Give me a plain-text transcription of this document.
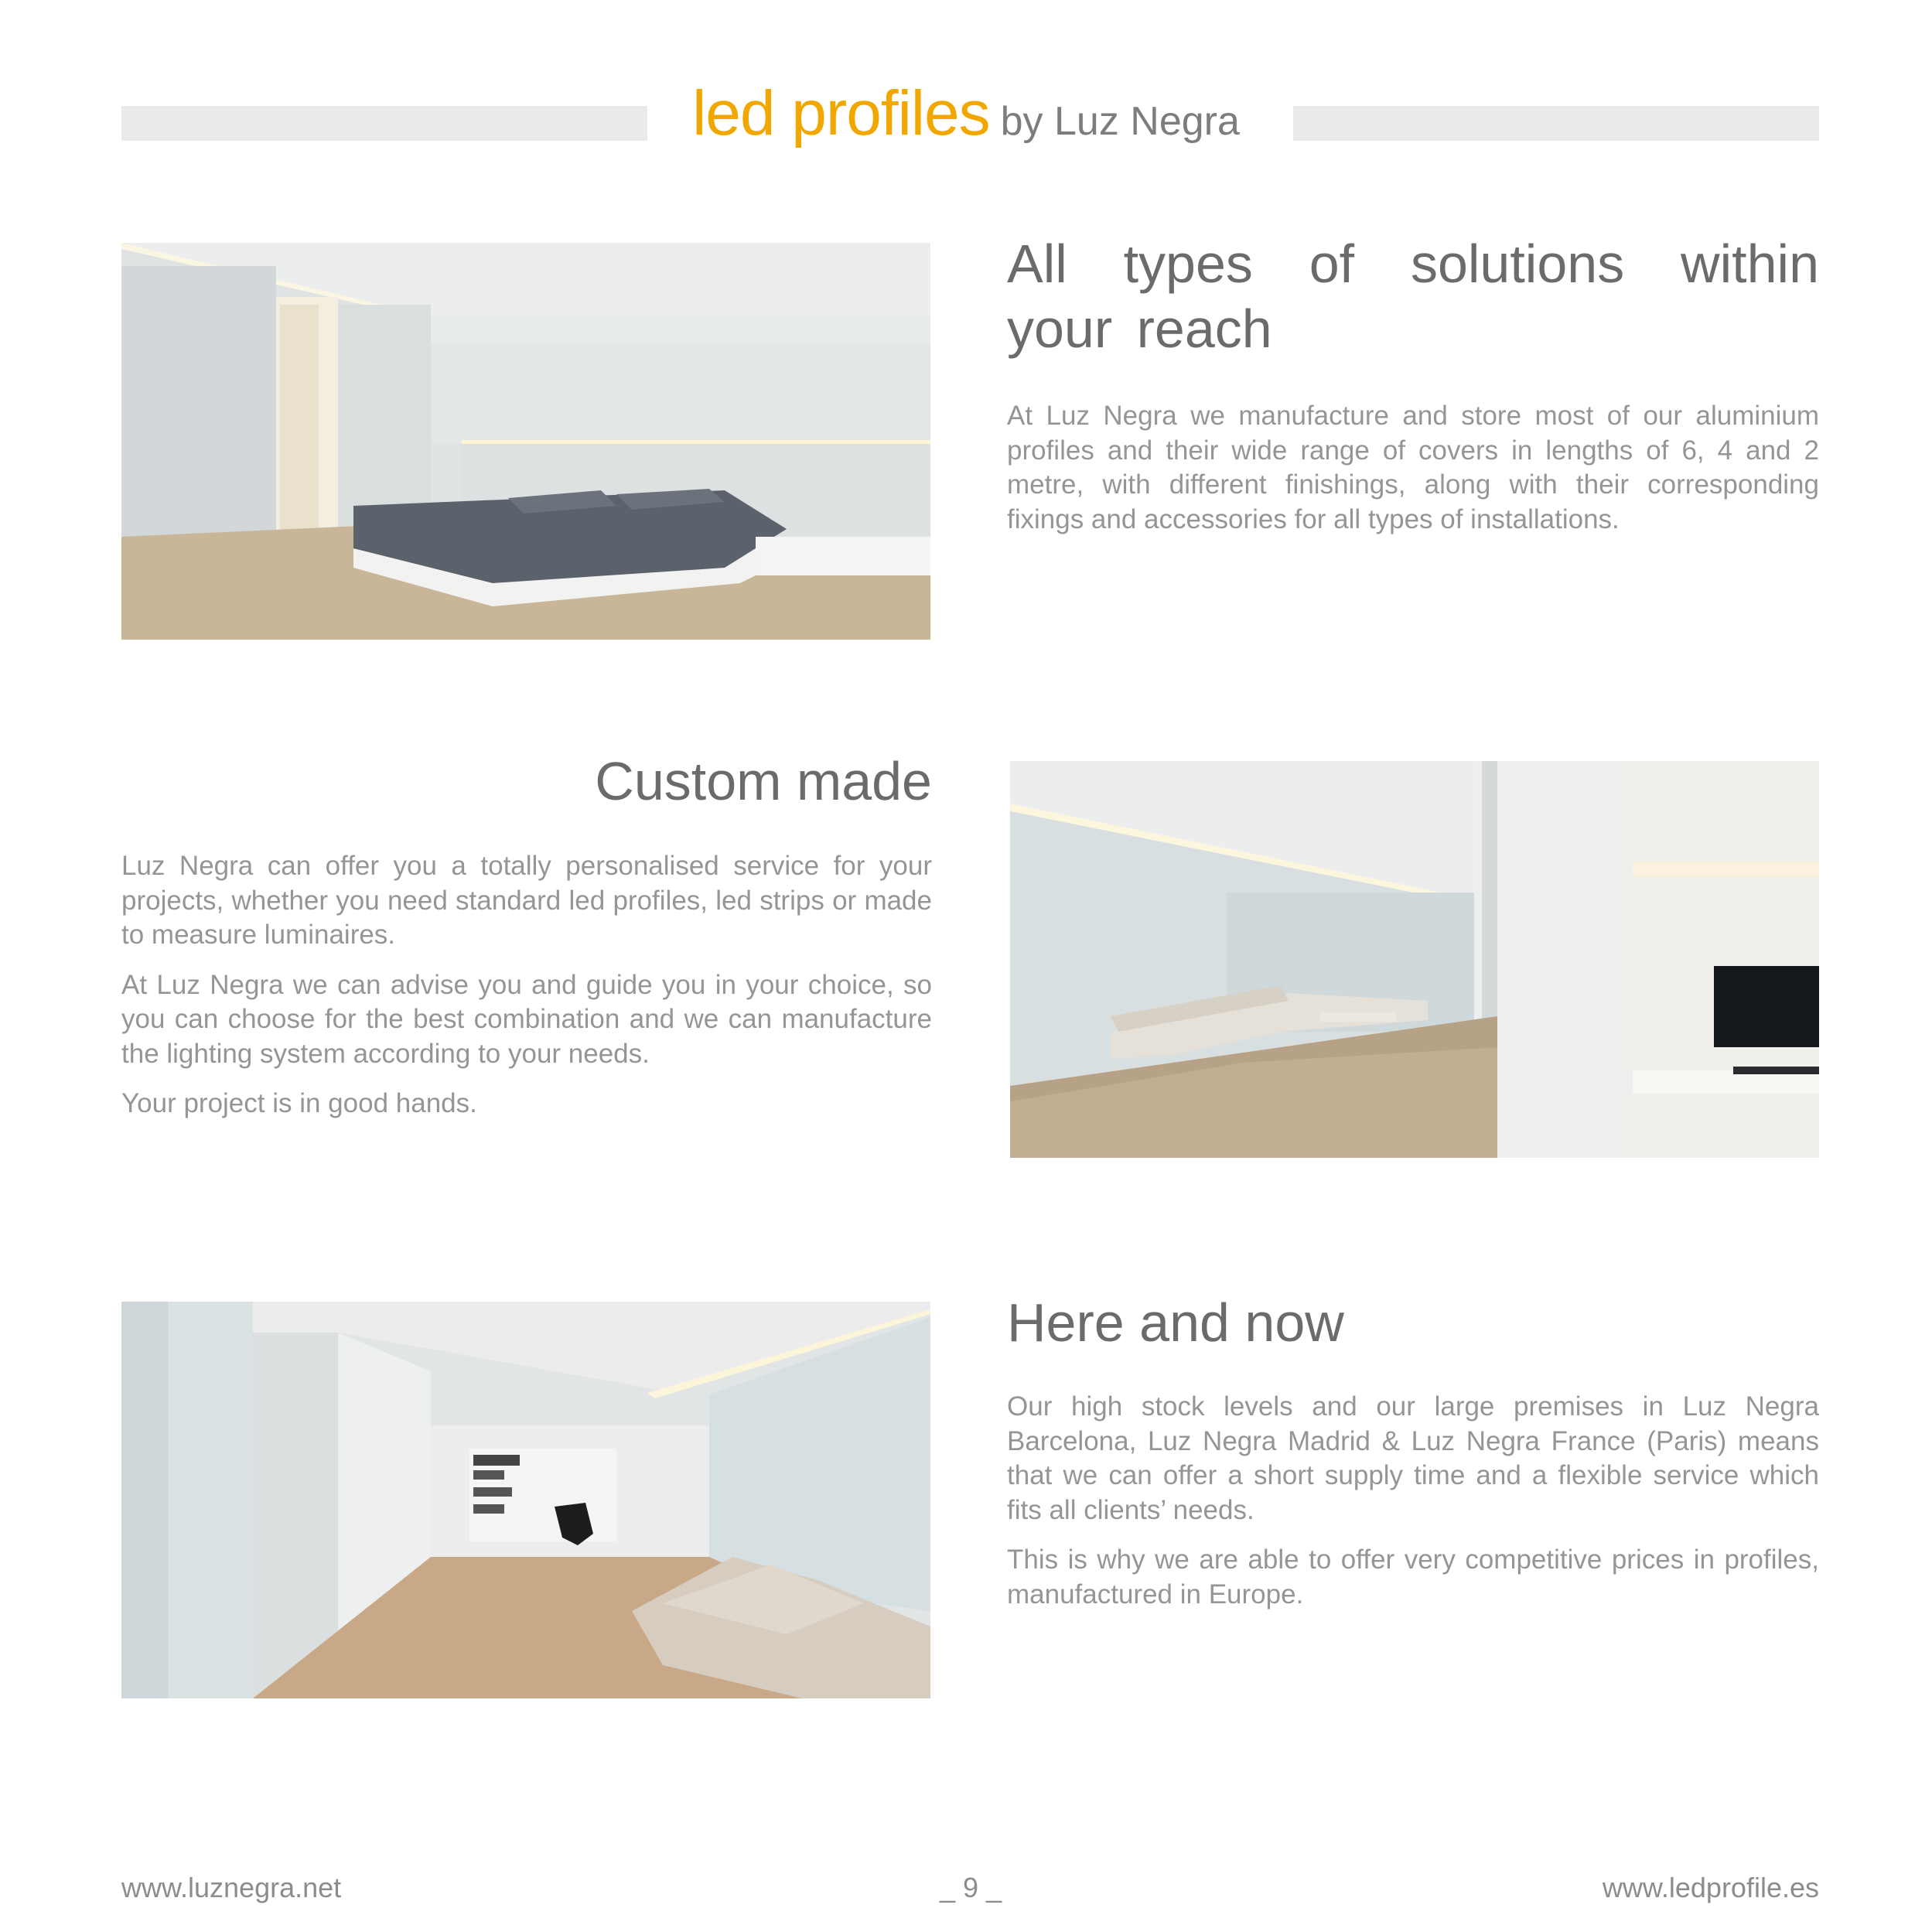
led profiles by Luz Negra
All types of solutions within your reach

At Luz Negra we manufacture and store most of our aluminium profiles and their wide range of covers in lengths of 6, 4 and 2 metre, with different finishings, along with their corresponding fixings and accessories for all types of installations.

Custom made

Luz Negra can offer you a totally personalised service for your projects, whether you need standard led profiles, led strips or made to measure luminaires.

At Luz Negra we can advise you and guide you in your choice, so you can choose for the best combination and we can manufacture the lighting system according to your needs.

Your project is in good hands.

Here and now

Our high stock levels and our large premises in Luz Negra Barcelona, Luz Negra Madrid & Luz Negra France (Paris) means that we can offer a short supply time and a flexible service which fits all clients’ needs.

This is why we are able to offer very competitive prices in profiles, manufactured in Europe.

www.luznegra.net	_ 9 _	www.ledprofile.es
